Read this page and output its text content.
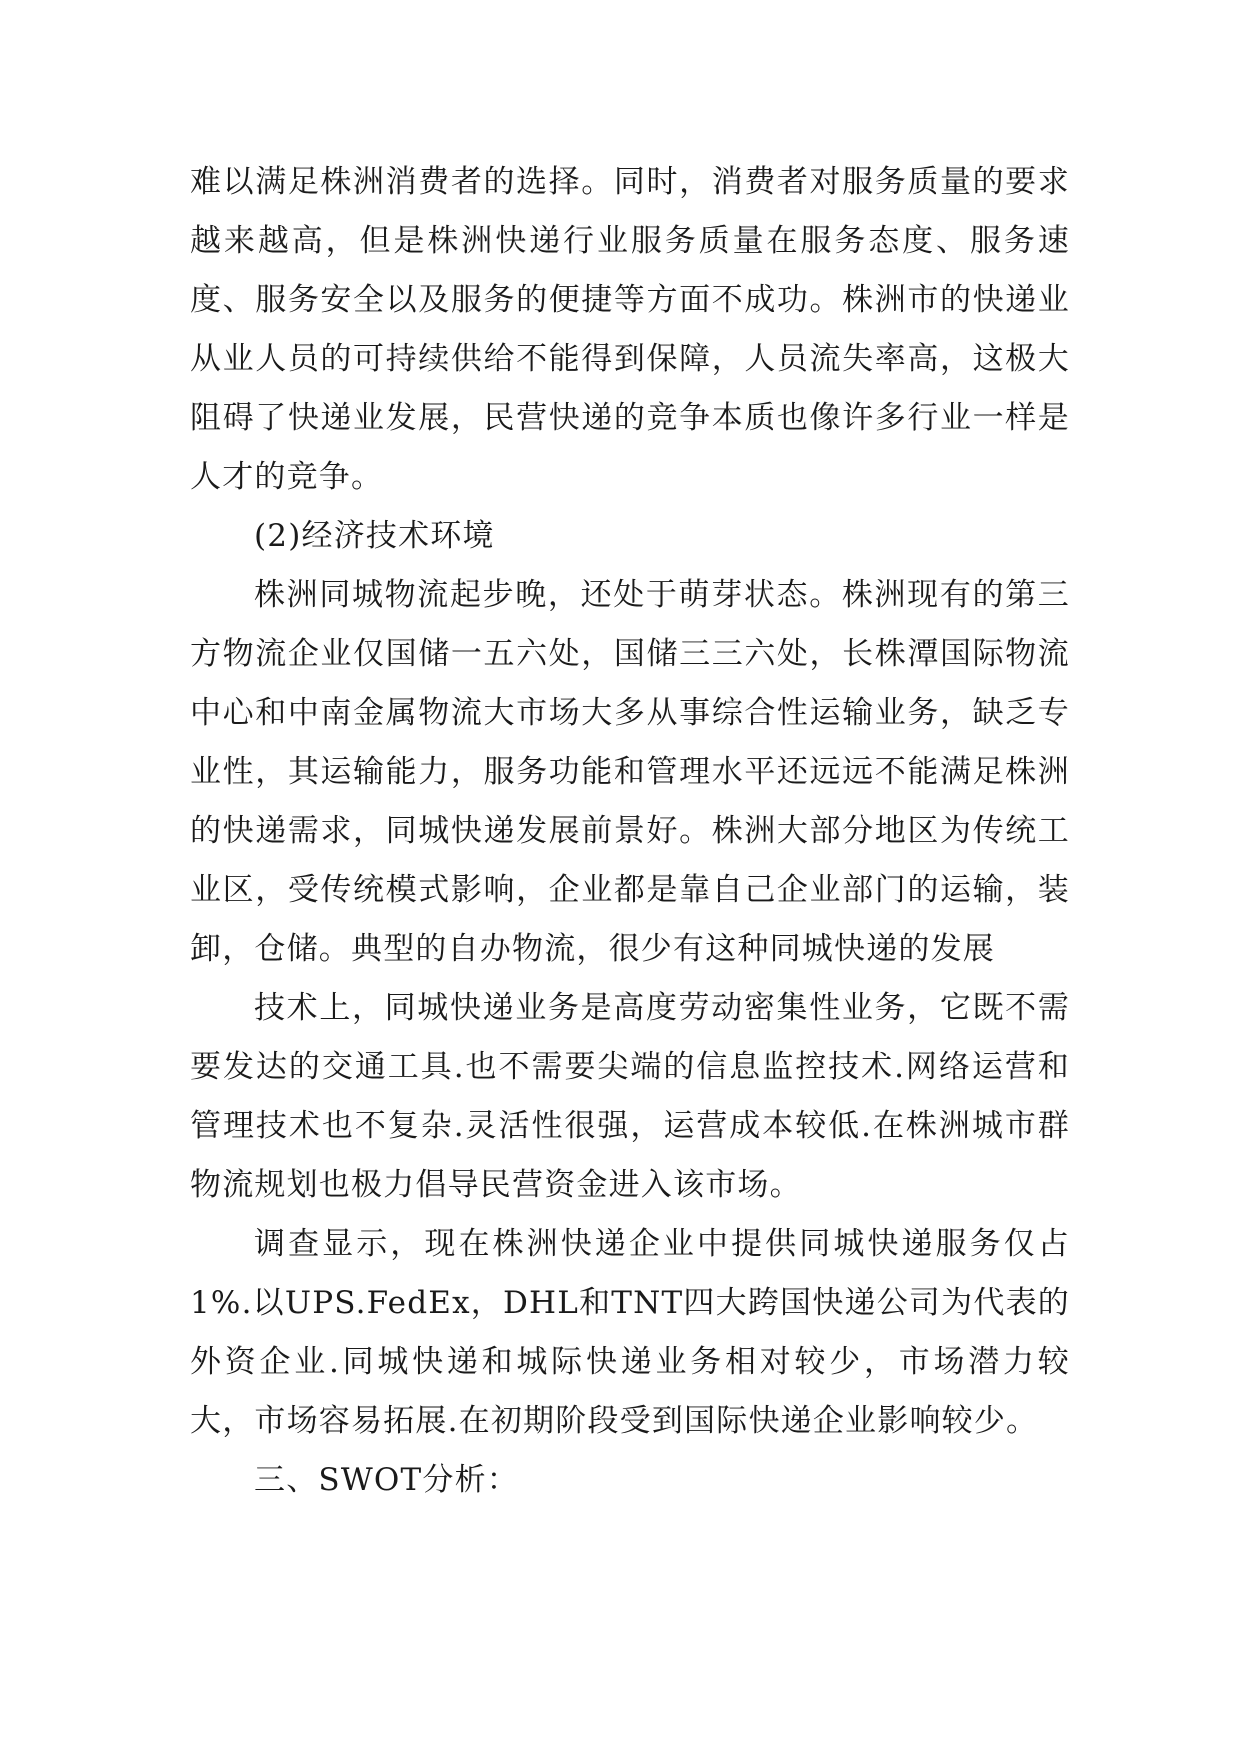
难以满足株洲消费者的选择。同时，消费者对服务质量的要求越来越高，但是株洲快递行业服务质量在服务态度、服务速度、服务安全以及服务的便捷等方面不成功。株洲市的快递业从业人员的可持续供给不能得到保障，人员流失率高，这极大阻碍了快递业发展，民营快递的竞争本质也像许多行业一样是人才的竞争。

(2)经济技术环境

株洲同城物流起步晚，还处于萌芽状态。株洲现有的第三方物流企业仅国储一五六处，国储三三六处，长株潭国际物流中心和中南金属物流大市场大多从事综合性运输业务，缺乏专业性，其运输能力，服务功能和管理水平还远远不能满足株洲的快递需求，同城快递发展前景好。株洲大部分地区为传统工业区，受传统模式影响，企业都是靠自己企业部门的运输，装卸，仓储。典型的自办物流，很少有这种同城快递的发展

技术上，同城快递业务是高度劳动密集性业务，它既不需要发达的交通工具.也不需要尖端的信息监控技术.网络运营和管理技术也不复杂.灵活性很强，运营成本较低.在株洲城市群物流规划也极力倡导民营资金进入该市场。

调查显示，现在株洲快递企业中提供同城快递服务仅占1%.以UPS.FedEx，DHL和TNT四大跨国快递公司为代表的外资企业.同城快递和城际快递业务相对较少，市场潜力较大，市场容易拓展.在初期阶段受到国际快递企业影响较少。

三、SWOT分析：
